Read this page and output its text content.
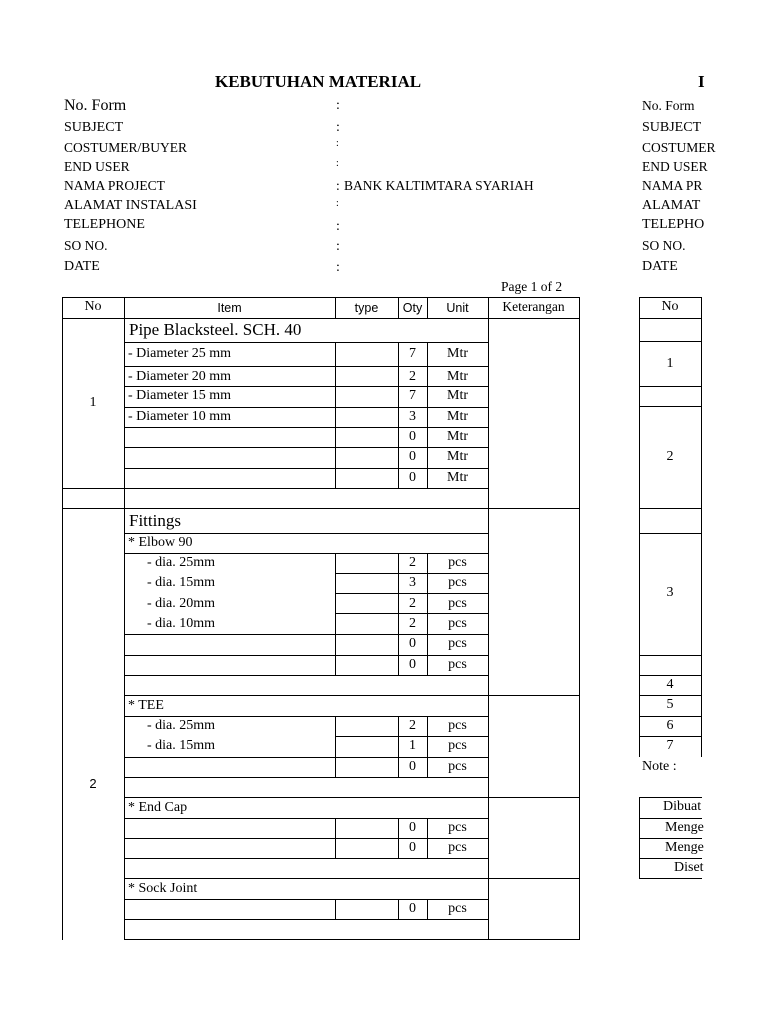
KEBUTUHAN MATERIAL
No. Form	:
SUBJECT	:
COSTUMER/BUYER	:
END USER	:
NAMA PROJECT	: BANK KALTIMTARA SYARIAH
ALAMAT INSTALASI	:
TELEPHONE	:
SO NO.	:
DATE	:
Page 1 of 2
No	Item	type	Oty	Unit	Keterangan
1
Pipe Blacksteel. SCH. 40
- Diameter 25 mm	7	Mtr
- Diameter 20 mm	2	Mtr
- Diameter 15 mm	7	Mtr
- Diameter 10 mm	3	Mtr
0	Mtr
0	Mtr
0	Mtr
2
Fittings
* Elbow 90
- dia. 25mm	2	pcs
- dia. 15mm	3	pcs
- dia. 20mm	2	pcs
- dia. 10mm	2	pcs
0	pcs
0	pcs
* TEE
- dia. 25mm	2	pcs
- dia. 15mm	1	pcs
0	pcs
* End Cap
0	pcs
0	pcs
* Sock Joint
0	pcs
I
No. Form
SUBJECT
COSTUMER
END USER
NAMA PR
ALAMAT
TELEPHO
SO NO.
DATE
No
1
2
3
4
5
6
7
Note :
Dibuat
Menge
Menge
Diset
